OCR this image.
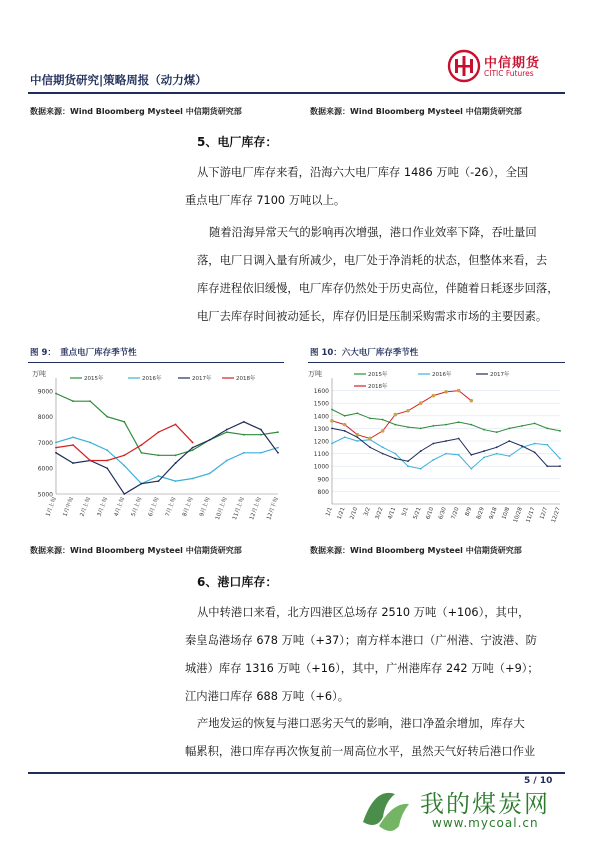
中信期货研究|策略周报（动力煤）
中信期货
CITIC Futures
数据来源：Wind Bloomberg Mysteel 中信期货研究部	数据来源：Wind Bloomberg Mysteel 中信期货研究部
5、电厂库存：
从下游电厂库存来看，沿海六大电厂库存 1486 万吨（-26），全国
重点电厂库存 7100 万吨以上。
随着沿海异常天气的影响再次增强，港口作业效率下降，吞吐量回
落，电厂日调入量有所减少，电厂处于净消耗的状态，但整体来看，去
库存进程依旧缓慢，电厂库存仍然处于历史高位，伴随着日耗逐步回落，
电厂去库存时间被动延长，库存仍旧是压制采购需求市场的主要因素。
图 9：　重点电厂库存季节性	图 10：六大电厂库存季节性
万吨
5000
6000
7000
8000
9000
1月上旬 1月中旬 2月上旬 3月上旬 4月上旬 5月上旬 6月上旬 7月上旬 8月上旬 9月上旬 10月上旬 11月上旬 12月上旬 12月下旬
2015年	2016年	2017年	2018年
万吨
800
900
1000
1100
1200
1300
1400
1500
1600
1/1 1/21 2/10 3/2 3/22 4/11 5/1 5/21 6/10 6/30 7/20 8/9 8/29 9/18 10/8 10/28 11/17 12/7 12/27
2015年	2016年	2017年
2018年
数据来源：Wind Bloomberg Mysteel 中信期货研究部	数据来源：Wind Bloomberg Mysteel 中信期货研究部
6、港口库存：
从中转港口来看，北方四港区总场存 2510 万吨（+106），其中，
秦皇岛港场存 678 万吨（+37）；南方样本港口（广州港、宁波港、防
城港）库存 1316 万吨（+16），其中，广州港库存 242 万吨（+9）；
江内港口库存 688 万吨（+6）。
产地发运的恢复与港口恶劣天气的影响，港口净盈余增加，库存大
幅累积，港口库存再次恢复前一周高位水平，虽然天气好转后港口作业
5 / 10
我的煤炭网
www.mycoal.cn
